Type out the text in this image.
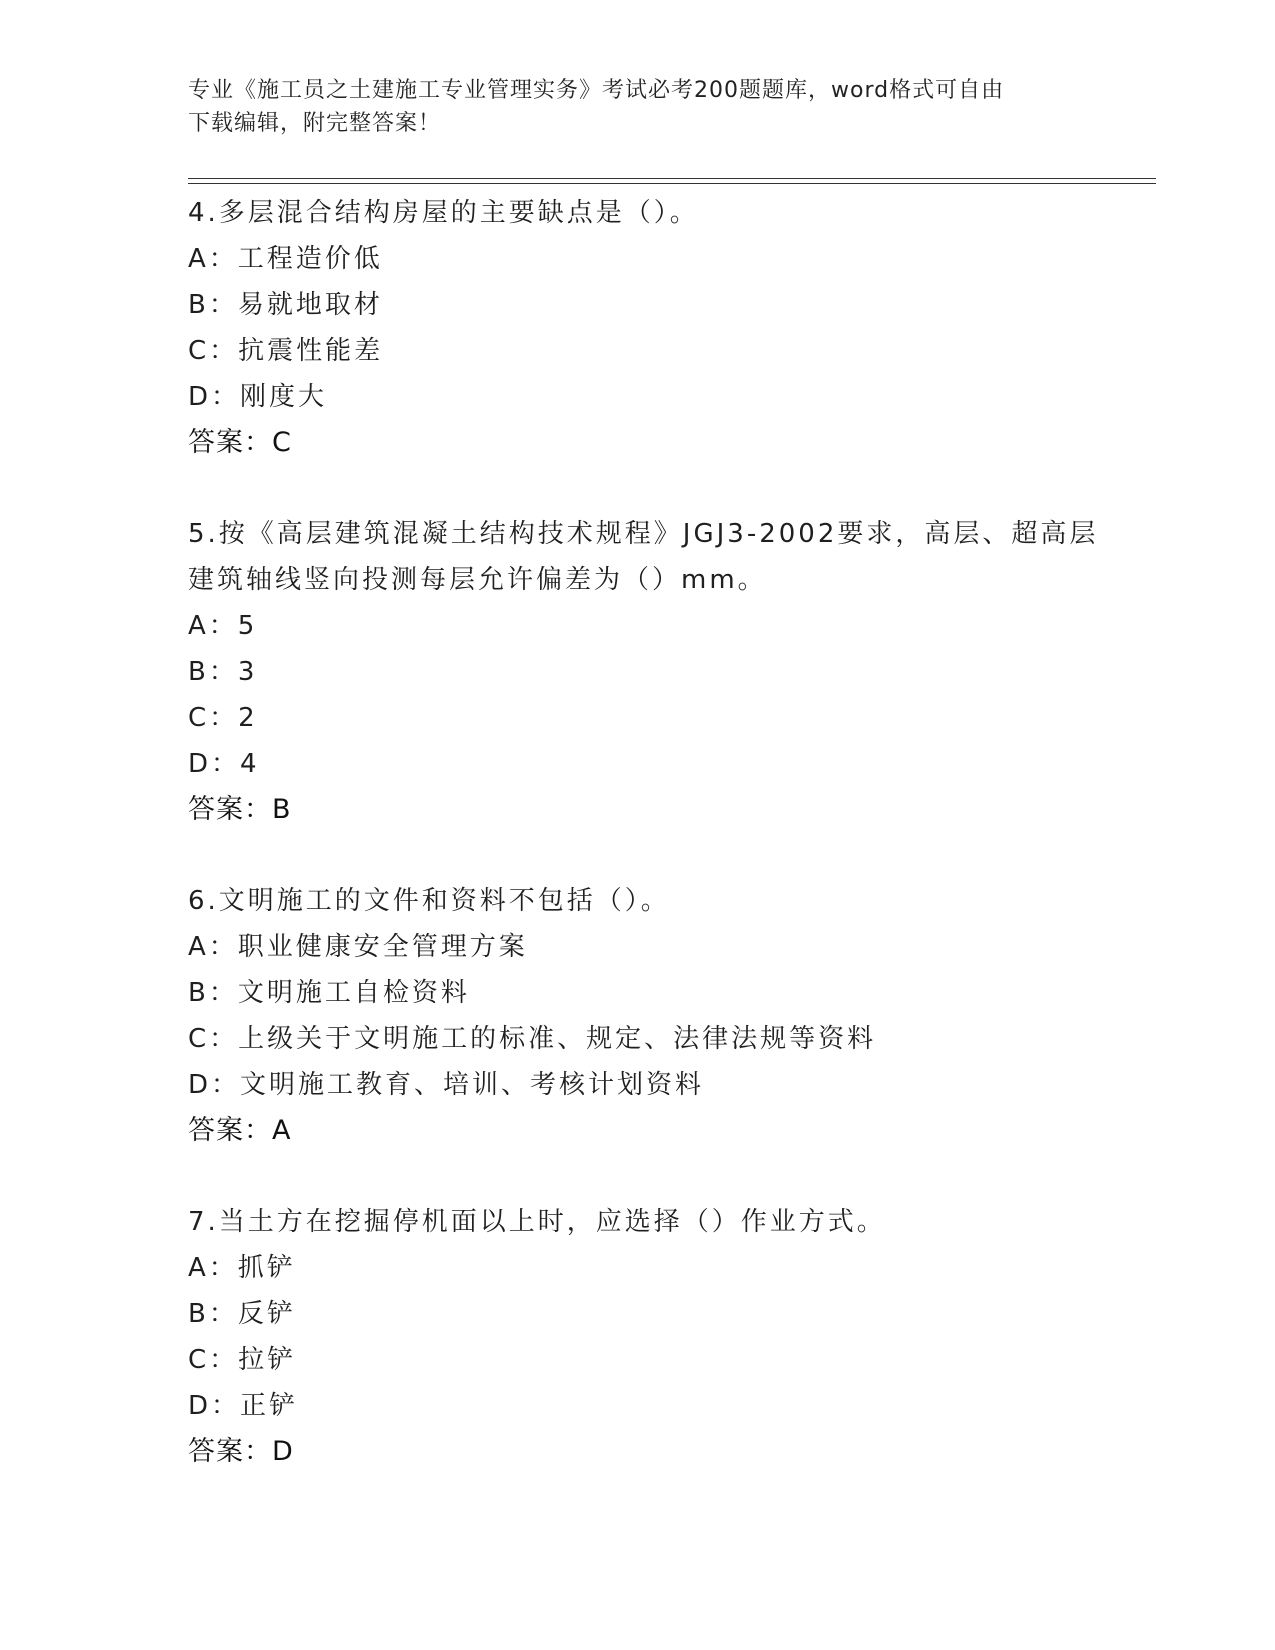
专业《施工员之土建施工专业管理实务》考试必考200题题库，word格式可自由
下载编辑，附完整答案！
4.多层混合结构房屋的主要缺点是（）。
A：工程造价低
B：易就地取材
C：抗震性能差
D：刚度大
答案：C
5.按《高层建筑混凝土结构技术规程》JGJ3-2002要求，高层、超高层
建筑轴线竖向投测每层允许偏差为（）mm。
A：5
B：3
C：2
D：4
答案：B
6.文明施工的文件和资料不包括（）。
A：职业健康安全管理方案
B：文明施工自检资料
C：上级关于文明施工的标准、规定、法律法规等资料
D：文明施工教育、培训、考核计划资料
答案：A
7.当土方在挖掘停机面以上时，应选择（）作业方式。
A：抓铲
B：反铲
C：拉铲
D：正铲
答案：D
